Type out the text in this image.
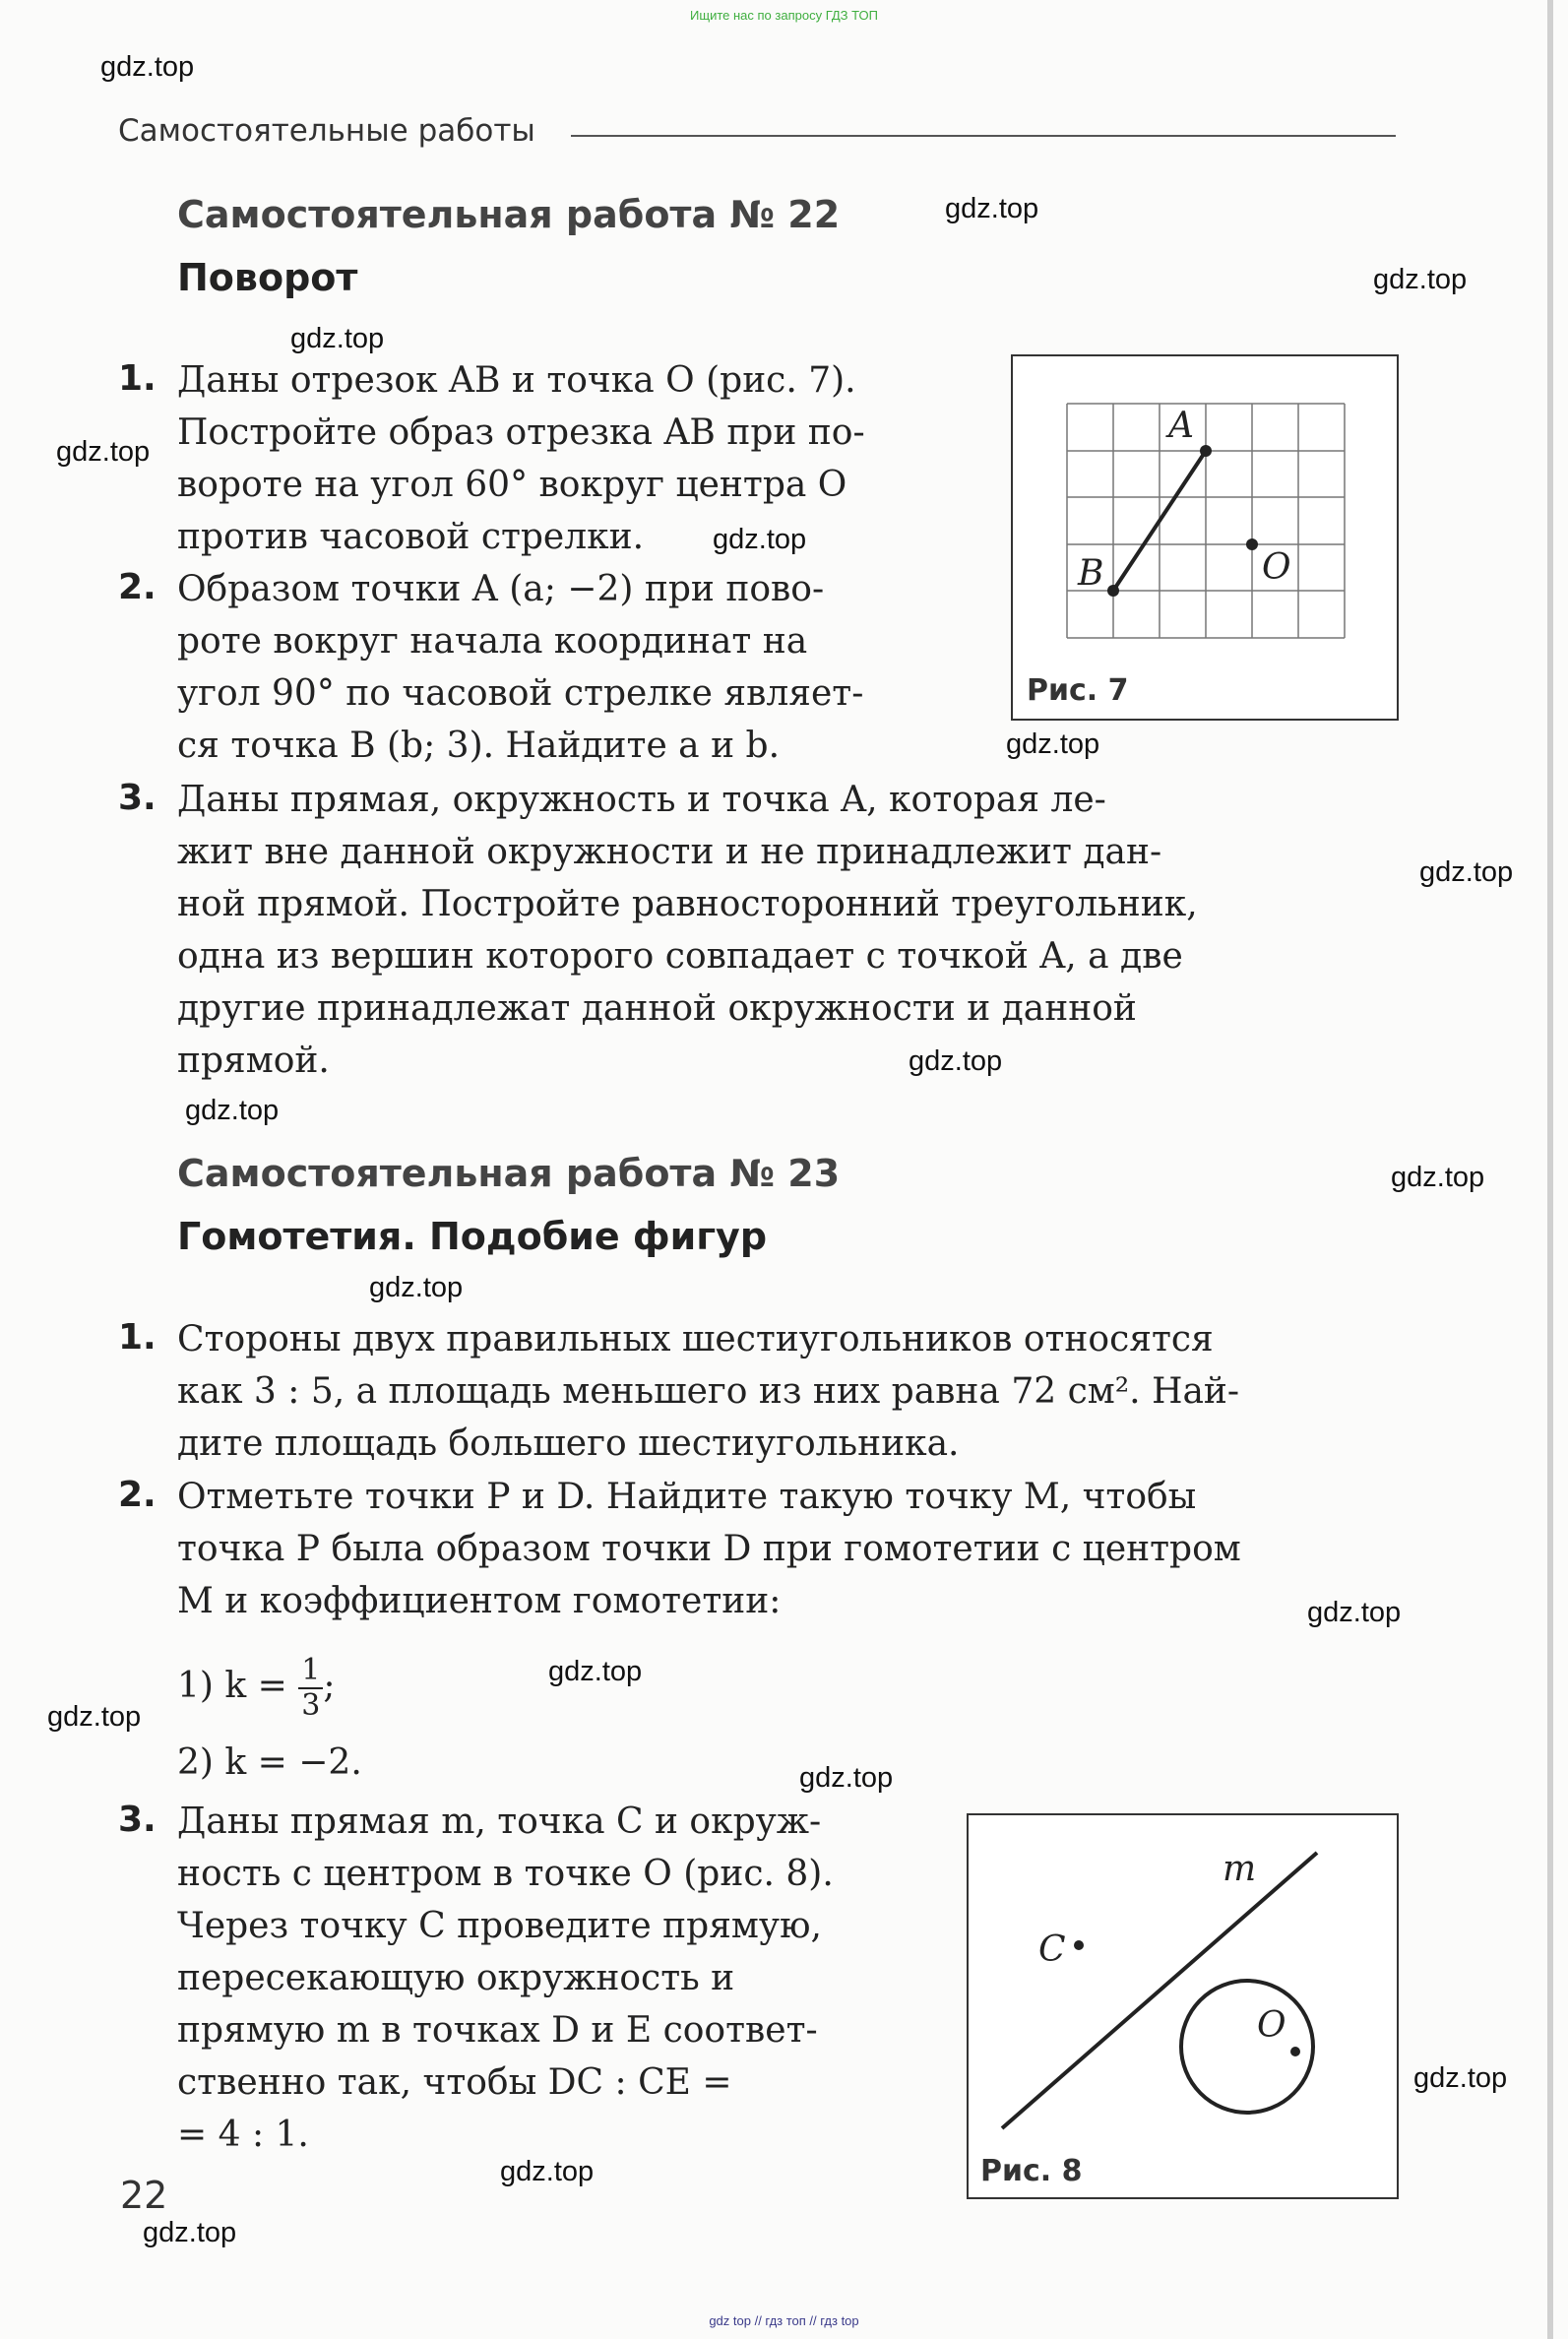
Ищите нас по запросу ГДЗ ТОП
gdz.top
gdz.top
gdz.top
gdz.top
gdz.top
gdz.top
gdz.top
gdz.top
gdz.top
gdz.top
gdz.top
gdz.top
gdz.top
gdz.top
gdz.top
gdz.top
gdz.top
gdz.top
gdz.top
Самостоятельные работы
Самостоятельная работа № 22
Поворот
1. Даны отрезок AB и точка O (рис. 7).
Постройте образ отрезка AB при по-
вороте на угол 60° вокруг центра O
против часовой стрелки.
2. Образом точки A (a; −2) при пово-
роте вокруг начала координат на
угол 90° по часовой стрелке являет-
ся точка B (b; 3). Найдите a и b.
A
B	O
Рис. 7
3. Даны прямая, окружность и точка A, которая ле-
жит вне данной окружности и не принадлежит дан-
ной прямой. Постройте равносторонний треугольник,
одна из вершин которого совпадает с точкой A, а две
другие принадлежат данной окружности и данной
прямой.
Самостоятельная работа № 23
Гомотетия. Подобие фигур
1. Стороны двух правильных шестиугольников относятся
как 3 : 5, а площадь меньшего из них равна 72 см². Най-
дите площадь большего шестиугольника.
2. Отметьте точки P и D. Найдите такую точку M, чтобы
точка P была образом точки D при гомотетии с центром
M и коэффициентом гомотетии:
1) $k = \frac{1}{3}$ ;
2) k = −2.
3. Даны прямая m, точка C и окруж-
ность с центром в точке O (рис. 8).
Через точку C проведите прямую,
пересекающую окружность и
прямую m в точках D и E соответ-
ственно так, чтобы DC : CE =
= 4 : 1.
m
C
O
Рис. 8
22
gdz top // гдз топ // гдз top
